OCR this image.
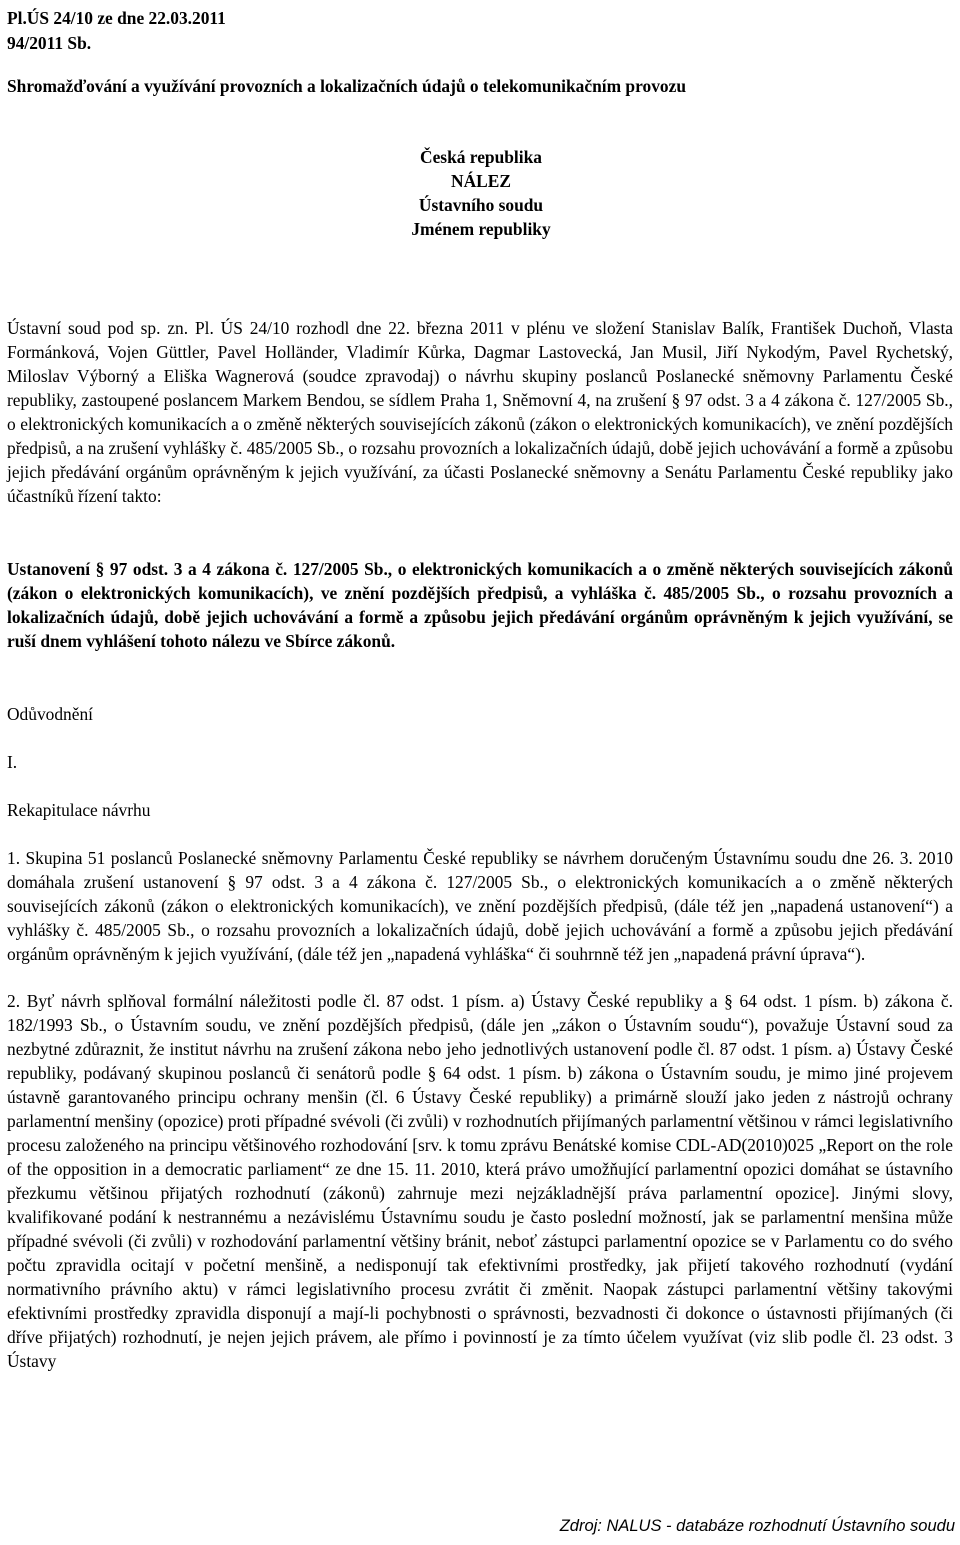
Pl.ÚS 24/10 ze dne 22.03.2011
94/2011 Sb.
Shromažďování a využívání provozních a lokalizačních údajů o telekomunikačním provozu
Česká republika
NÁLEZ
Ústavního soudu
Jménem republiky

Ústavní soud pod sp. zn. Pl. ÚS 24/10 rozhodl dne 22. března 2011 v plénu ve složení Stanislav Balík, František Duchoň, Vlasta Formánková, Vojen Güttler, Pavel Holländer, Vladimír Kůrka, Dagmar Lastovecká, Jan Musil, Jiří Nykodým, Pavel Rychetský, Miloslav Výborný a Eliška Wagnerová (soudce zpravodaj) o návrhu skupiny poslanců Poslanecké sněmovny Parlamentu České republiky, zastoupené poslancem Markem Bendou, se sídlem Praha 1, Sněmovní 4, na zrušení § 97 odst. 3 a 4 zákona č. 127/2005 Sb., o elektronických komunikacích a o změně některých souvisejících zákonů (zákon o elektronických komunikacích), ve znění pozdějších předpisů, a na zrušení vyhlášky č. 485/2005 Sb., o rozsahu provozních a lokalizačních údajů, době jejich uchovávání a formě a způsobu jejich předávání orgánům oprávněným k jejich využívání, za účasti Poslanecké sněmovny a Senátu Parlamentu České republiky jako účastníků řízení takto:

Ustanovení § 97 odst. 3 a 4 zákona č. 127/2005 Sb., o elektronických komunikacích a o změně některých souvisejících zákonů (zákon o elektronických komunikacích), ve znění pozdějších předpisů, a vyhláška č. 485/2005 Sb., o rozsahu provozních a lokalizačních údajů, době jejich uchovávání a formě a způsobu jejich předávání orgánům oprávněným k jejich využívání, se ruší dnem vyhlášení tohoto nálezu ve Sbírce zákonů.

Odůvodnění
I.
Rekapitulace návrhu

1. Skupina 51 poslanců Poslanecké sněmovny Parlamentu České republiky se návrhem doručeným Ústavnímu soudu dne 26. 3. 2010 domáhala zrušení ustanovení § 97 odst. 3 a 4 zákona č. 127/2005 Sb., o elektronických komunikacích a o změně některých souvisejících zákonů (zákon o elektronických komunikacích), ve znění pozdějších předpisů, (dále též jen „napadená ustanovení“) a vyhlášky č. 485/2005 Sb., o rozsahu provozních a lokalizačních údajů, době jejich uchovávání a formě a způsobu jejich předávání orgánům oprávněným k jejich využívání, (dále též jen „napadená vyhláška“ či souhrnně též jen „napadená právní úprava“).

2. Byť návrh splňoval formální náležitosti podle čl. 87 odst. 1 písm. a) Ústavy České republiky a § 64 odst. 1 písm. b) zákona č. 182/1993 Sb., o Ústavním soudu, ve znění pozdějších předpisů, (dále jen „zákon o Ústavním soudu“), považuje Ústavní soud za nezbytné zdůraznit, že institut návrhu na zrušení zákona nebo jeho jednotlivých ustanovení podle čl. 87 odst. 1 písm. a) Ústavy České republiky, podávaný skupinou poslanců či senátorů podle § 64 odst. 1 písm. b) zákona o Ústavním soudu, je mimo jiné projevem ústavně garantovaného principu ochrany menšin (čl. 6 Ústavy České republiky) a primárně slouží jako jeden z nástrojů ochrany parlamentní menšiny (opozice) proti případné svévoli (či zvůli) v rozhodnutích přijímaných parlamentní většinou v rámci legislativního procesu založeného na principu většinového rozhodování [srv. k tomu zprávu Benátské komise CDL-AD(2010)025 „Report on the role of the opposition in a democratic parliament“ ze dne 15. 11. 2010, která právo umožňující parlamentní opozici domáhat se ústavního přezkumu většinou přijatých rozhodnutí (zákonů) zahrnuje mezi nejzákladnější práva parlamentní opozice]. Jinými slovy, kvalifikované podání k nestrannému a nezávislému Ústavnímu soudu je často poslední možností, jak se parlamentní menšina může případné svévoli (či zvůli) v rozhodování parlamentní většiny bránit, neboť zástupci parlamentní opozice se v Parlamentu co do svého počtu zpravidla ocitají v početní menšině, a nedisponují tak efektivními prostředky, jak přijetí takového rozhodnutí (vydání normativního právního aktu) v rámci legislativního procesu zvrátit či změnit. Naopak zástupci parlamentní většiny takovými efektivními prostředky zpravidla disponují a mají-li pochybnosti o správnosti, bezvadnosti či dokonce o ústavnosti přijímaných (či dříve přijatých) rozhodnutí, je nejen jejich právem, ale přímo i povinností je za tímto účelem využívat (viz slib podle čl. 23 odst. 3 Ústavy

Zdroj: NALUS - databáze rozhodnutí Ústavního soudu
